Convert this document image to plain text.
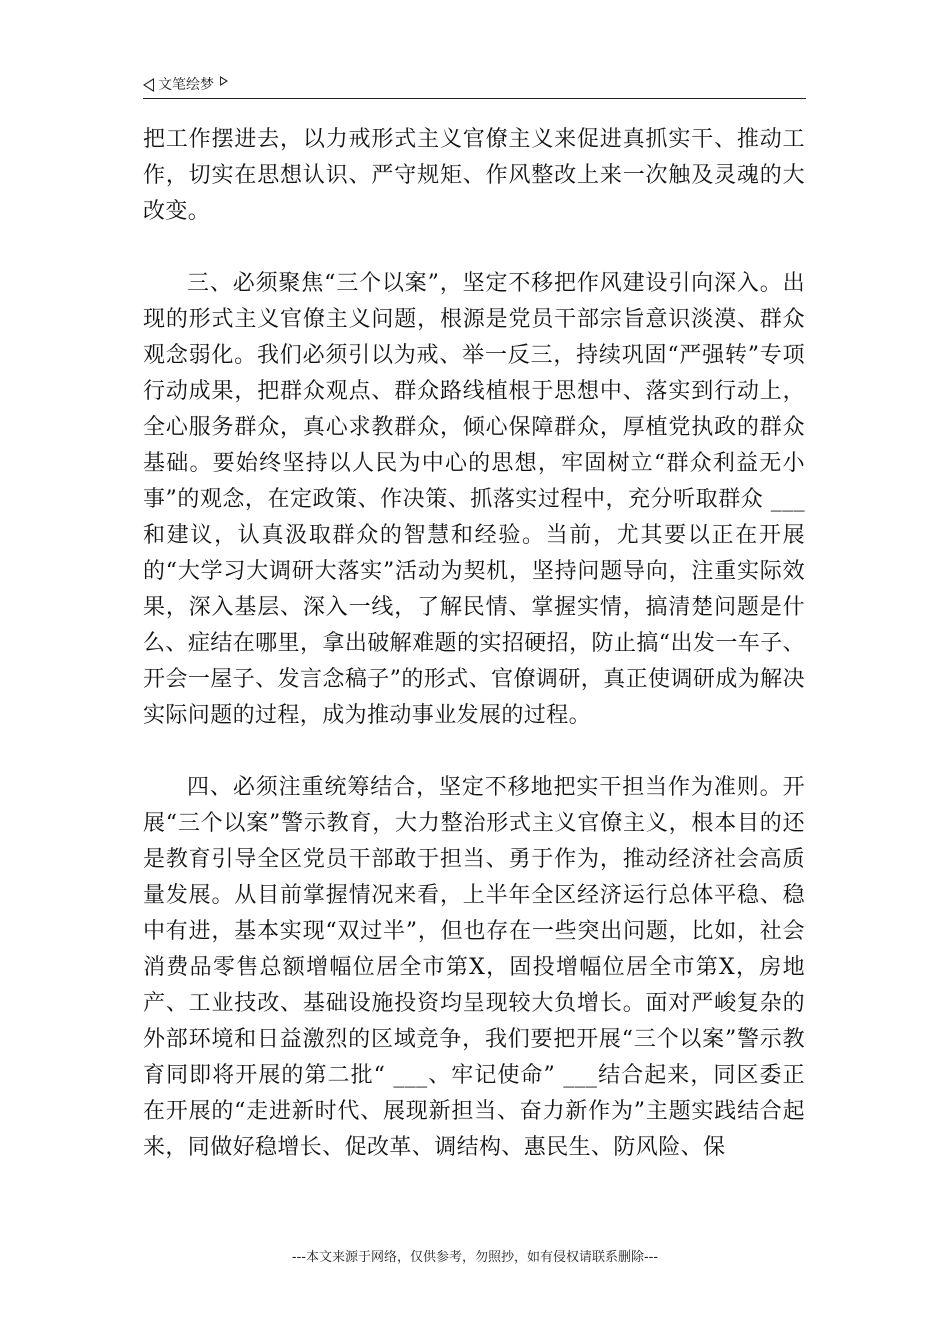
文笔绘梦

把工作摆进去，以力戒形式主义官僚主义来促进真抓实干、推动工作，切实在思想认识、严守规矩、作风整改上来一次触及灵魂的大改变。

三、必须聚焦“三个以案”，坚定不移把作风建设引向深入。出现的形式主义官僚主义问题，根源是党员干部宗旨意识淡漠、群众观念弱化。我们必须引以为戒、举一反三，持续巩固“严强转”专项行动成果，把群众观点、群众路线植根于思想中、落实到行动上，全心服务群众，真心求教群众，倾心保障群众，厚植党执政的群众基础。要始终坚持以人民为中心的思想，牢固树立“群众利益无小事”的观念，在定政策、作决策、抓落实过程中，充分听取群众 ___和建议，认真汲取群众的智慧和经验。当前，尤其要以正在开展的“大学习大调研大落实”活动为契机，坚持问题导向，注重实际效果，深入基层、深入一线，了解民情、掌握实情，搞清楚问题是什么、症结在哪里，拿出破解难题的实招硬招，防止搞“出发一车子、开会一屋子、发言念稿子”的形式、官僚调研，真正使调研成为解决实际问题的过程，成为推动事业发展的过程。

四、必须注重统筹结合，坚定不移地把实干担当作为准则。开展“三个以案”警示教育，大力整治形式主义官僚主义，根本目的还是教育引导全区党员干部敢于担当、勇于作为，推动经济社会高质量发展。从目前掌握情况来看，上半年全区经济运行总体平稳、稳中有进，基本实现“双过半”，但也存在一些突出问题，比如，社会消费品零售总额增幅位居全市第X，固投增幅位居全市第X，房地产、工业技改、基础设施投资均呈现较大负增长。面对严峻复杂的外部环境和日益激烈的区域竞争，我们要把开展“三个以案”警示教育同即将开展的第二批“ ___、牢记使命” ___结合起来，同区委正在开展的“走进新时代、展现新担当、奋力新作为”主题实践结合起来，同做好稳增长、促改革、调结构、惠民生、防风险、保

---本文来源于网络，仅供参考，勿照抄，如有侵权请联系删除---
